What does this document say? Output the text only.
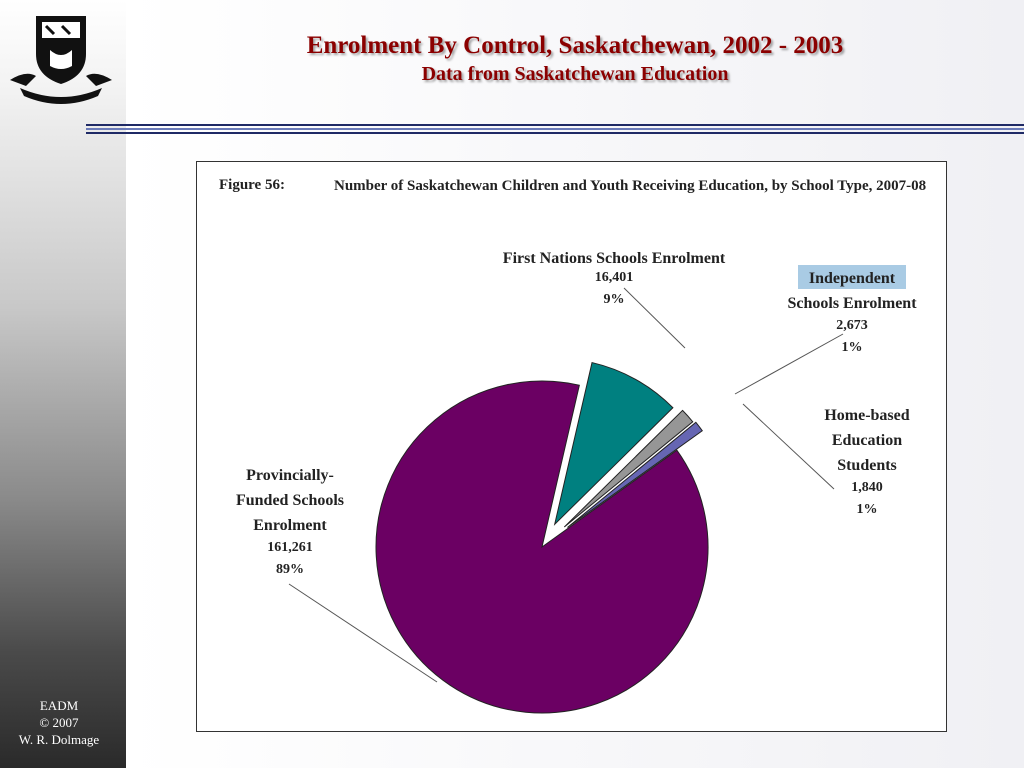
Enrolment By Control, Saskatchewan, 2002 - 2003
Data from Saskatchewan Education
EADM
© 2007
W. R. Dolmage
Figure 56:	Number of Saskatchewan Children and Youth Receiving Education, by School Type, 2007-08
First Nations Schools Enrolment
16,401
9%
Independent
Schools Enrolment
2,673
1%
Home-based
Education
Students
1,840
1%
Provincially-
Funded Schools
Enrolment
161,261
89%
